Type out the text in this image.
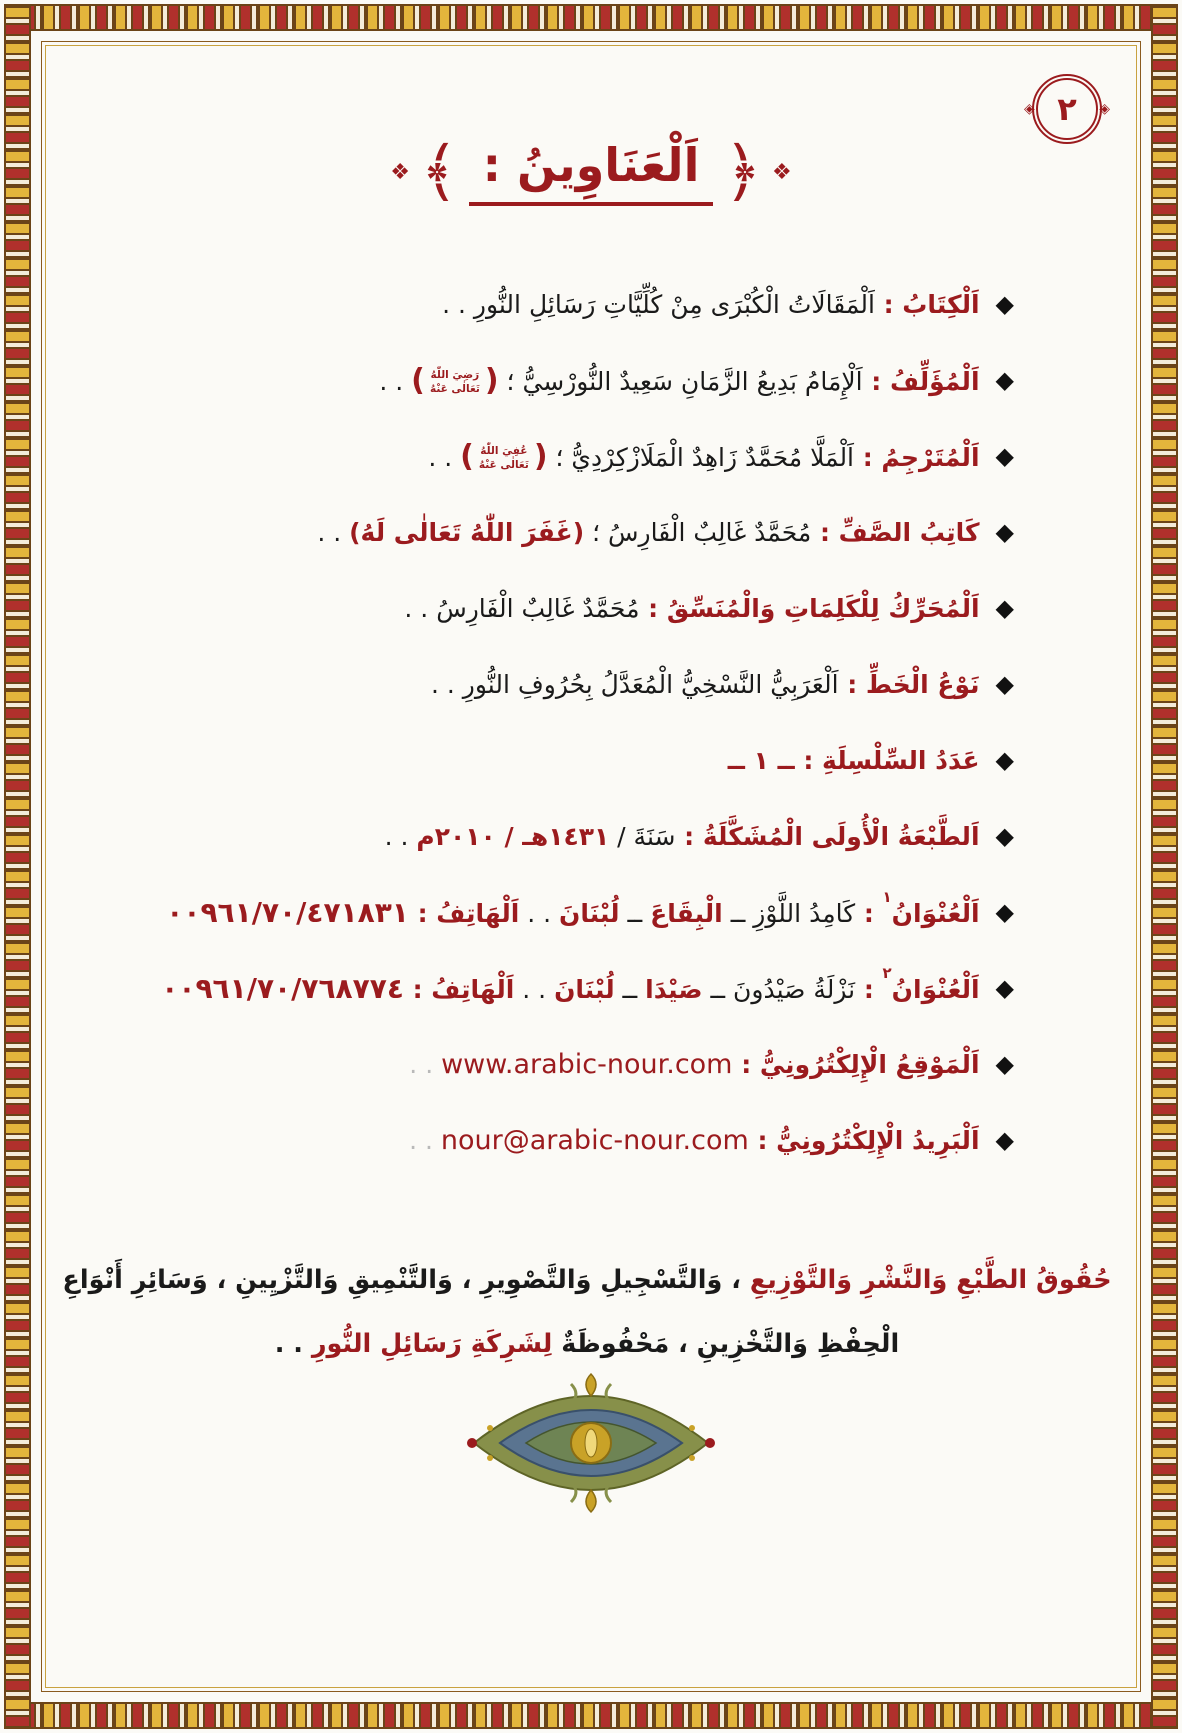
◈ ٢ ◈
❖ ﴾ اَلْعَنَاوِينُ : ﴿ ❖
◆
اَلْكِتَابُ : اَلْمَقَالَاتُ الْكُبْرَى مِنْ كُلِّيَّاتِ رَسَائِلِ النُّورِ . .
◆
اَلْمُؤَلِّفُ : اَلْإِمَامُ بَدِيعُ الزَّمَانِ سَعِيدٌ النُّورْسِيُّ ؛ (رَضِيَ اللّٰهُ تَعَالٰى عَنْهُ) . .
◆
اَلْمُتَرْجِمُ : اَلْمَلَّا مُحَمَّدٌ زَاهِدٌ الْمَلَازْكِرْدِيُّ ؛ (عُفِيَ اللّٰهُ تَعَالٰى عَنْهُ) . .
◆
كَاتِبُ الصَّفِّ : مُحَمَّدٌ غَالِبٌ الْفَارِسُ ؛ (غَفَرَ اللّٰهُ تَعَالٰى لَهُ) . .
◆
اَلْمُحَرِّكُ لِلْكَلِمَاتِ وَالْمُنَسِّقُ : مُحَمَّدٌ غَالِبٌ الْفَارِسُ . .
◆
نَوْعُ الْخَطِّ : اَلْعَرَبِيُّ النَّسْخِيُّ الْمُعَدَّلُ بِحُرُوفِ النُّورِ . .
◆
عَدَدُ السِّلْسِلَةِ : ــ ١ ــ
◆
اَلطَّبْعَةُ الْأُولَى الْمُشَكَّلَةُ : سَنَةَ / ١٤٣١هـ / ٢٠١٠م . .
◆
اَلْعُنْوَانُ$^١$ : كَامِدُ اللَّوْزِ ــ الْبِقَاعَ ــ لُبْنَانَ . . اَلْهَاتِفُ : ٠٠٩٦١/٧٠/٤٧١٨٣١
◆
اَلْعُنْوَانُ$^٢$ : نَزْلَةُ صَيْدُونَ ــ صَيْدَا ــ لُبْنَانَ . . اَلْهَاتِفُ : ٠٠٩٦١/٧٠/٧٦٨٧٧٤
◆
اَلْمَوْقِعُ الْإِلِكْتُرُونِيُّ : www.arabic-nour.com . .
◆
اَلْبَرِيدُ الْإِلِكْتُرُونِيُّ : nour@arabic-nour.com . .

حُقُوقُ الطَّبْعِ وَالنَّشْرِ وَالتَّوْزِيعِ ، وَالتَّسْجِيلِ وَالتَّصْوِيرِ ، وَالتَّنْمِيقِ وَالتَّزْيِينِ ، وَسَائِرِ أَنْوَاعِ الْحِفْظِ وَالتَّخْزِينِ ، مَحْفُوظَةٌ لِشَرِكَةِ رَسَائِلِ النُّورِ . .
